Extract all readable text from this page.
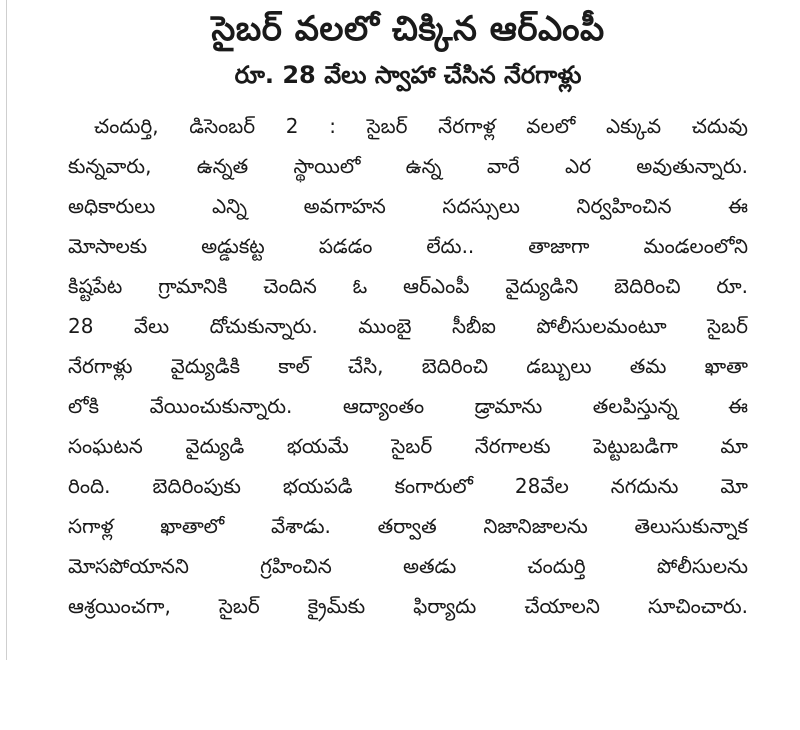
సైబర్ వలలో చిక్కిన ఆర్ఎంపీ
రూ. 28 వేలు స్వాహా చేసిన నేరగాళ్లు
చందుర్తి, డిసెంబర్ 2 : సైబర్ నేరగాళ్ల వలలో ఎక్కువ చదువు
కున్నవారు, ఉన్నత స్థాయిలో ఉన్న వారే ఎర అవుతున్నారు.
అధికారులు ఎన్ని అవగాహన సదస్సులు నిర్వహించిన ఈ
మోసాలకు అడ్డుకట్ట పడడం లేదు.. తాజాగా మండలంలోని
కిష్టపేట గ్రామానికి చెందిన ఓ ఆర్ఎంపీ వైద్యుడిని బెదిరించి రూ.
28 వేలు దోచుకున్నారు. ముంబై సీబీఐ పోలీసులమంటూ సైబర్
నేరగాళ్లు వైద్యుడికి కాల్ చేసి, బెదిరించి డబ్బులు తమ ఖాతా
లోకి వేయించుకున్నారు. ఆద్యాంతం డ్రామాను తలపిస్తున్న ఈ
సంఘటన వైద్యుడి భయమే సైబర్ నేరగాలకు పెట్టుబడిగా మా
రింది. బెదిరింపుకు భయపడి కంగారులో 28వేల నగదును మో
సగాళ్ల ఖాతాలో వేశాడు. తర్వాత నిజానిజాలను తెలుసుకున్నాక
మోసపోయానని గ్రహించిన అతడు చందుర్తి పోలీసులను
ఆశ్రయించగా, సైబర్ క్రైమ్‌కు ఫిర్యాదు చేయాలని సూచించారు.
